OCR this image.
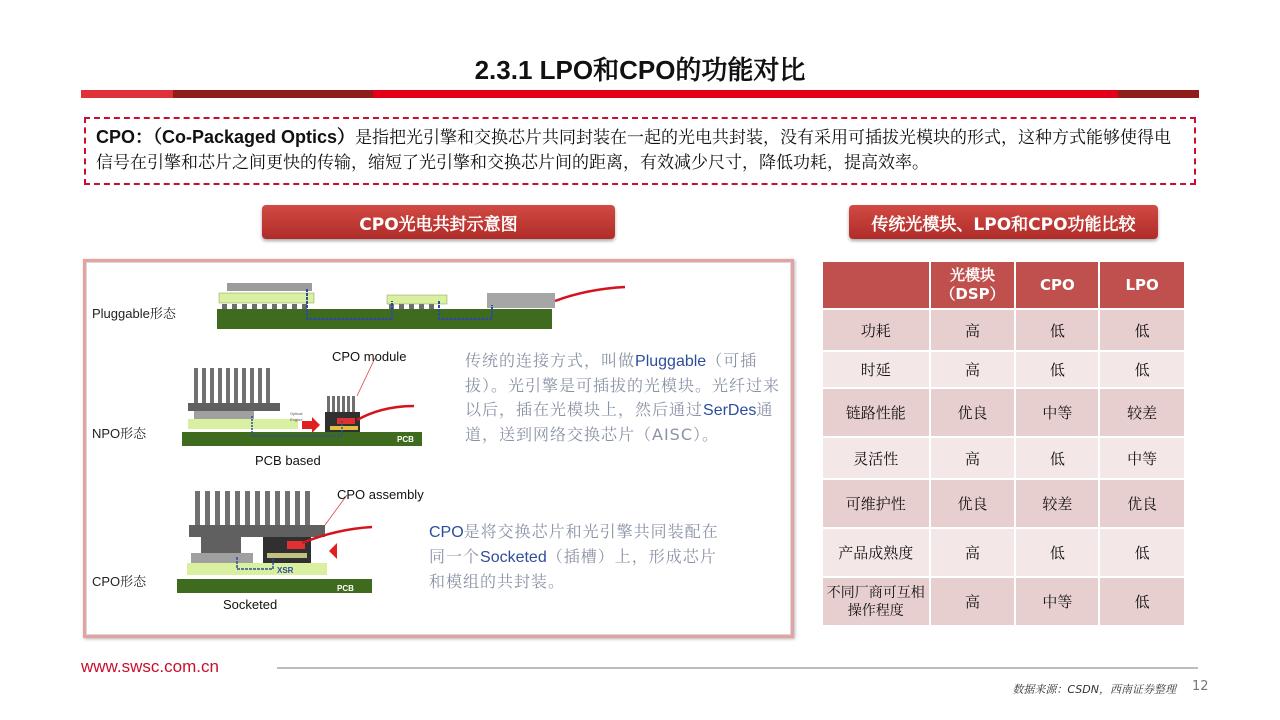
2.3.1 LPO和CPO的功能对比
CPO：（Co-Packaged Optics）是指把光引擎和交换芯片共同封装在一起的光电共封装，没有采用可插拔光模块的形式，这种方式能够使得电信号在引擎和芯片之间更快的传输，缩短了光引擎和交换芯片间的距离，有效减少尺寸，降低功耗，提高效率。
CPO光电共封示意图	传统光模块、LPO和CPO功能比较
Pluggable形态
NPO形态
CPO形态
PCB
Optical
Engine
CPO module
PCB based
PCB
XSR
CPO assembly
Socketed
传统的连接方式，叫做Pluggable（可插拔）。光引擎是可插拔的光模块。光纤过来以后，插在光模块上，然后通过SerDes通道，送到网络交换芯片（AISC）。
CPO是将交换芯片和光引擎共同装配在同一个Socketed（插槽）上，形成芯片和模组的共封装。
	光模块（DSP）	CPO	LPO
功耗	高	低	低
时延	高	低	低
链路性能	优良	中等	较差
灵活性	高	低	中等
可维护性	优良	较差	优良
产品成熟度	高	低	低
不同厂商可互相操作程度	高	中等	低
www.swsc.com.cn
数据来源：CSDN，西南证券整理 12
